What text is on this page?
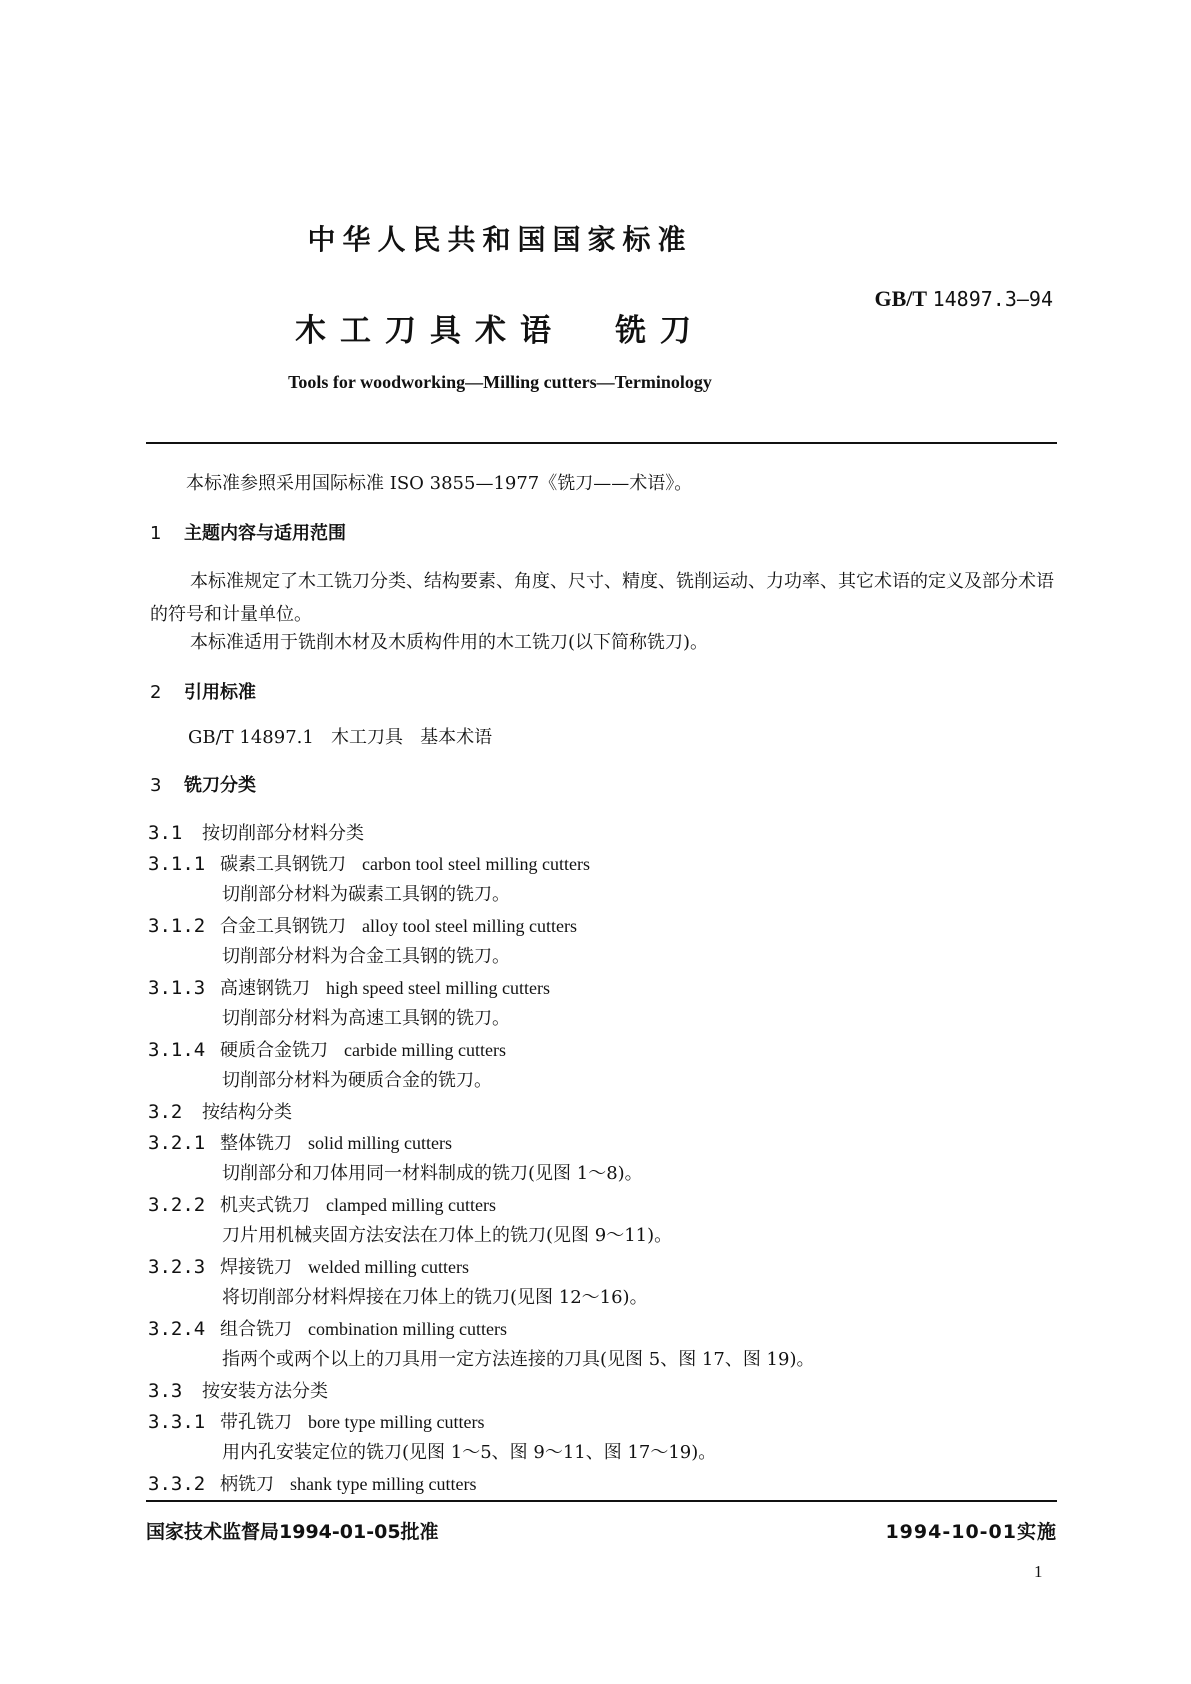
中华人民共和国国家标准
GB/T 14897.3—94
木工刀具术语 铣刀
Tools for woodworking—Milling cutters—Terminology
本标准参照采用国际标准 ISO 3855—1977《铣刀——术语》。
1 主题内容与适用范围
本标准规定了木工铣刀分类、结构要素、角度、尺寸、精度、铣削运动、力功率、其它术语的定义及部分术语的符号和计量单位。
本标准适用于铣削木材及木质构件用的木工铣刀(以下简称铣刀)。
2 引用标准
GB/T 14897.1   木工刀具   基本术语
3 铣刀分类
3.1 按切削部分材料分类
3.1.1 碳素工具钢铣刀 carbon tool steel milling cutters
切削部分材料为碳素工具钢的铣刀。
3.1.2 合金工具钢铣刀 alloy tool steel milling cutters
切削部分材料为合金工具钢的铣刀。
3.1.3 高速钢铣刀 high speed steel milling cutters
切削部分材料为高速工具钢的铣刀。
3.1.4 硬质合金铣刀 carbide milling cutters
切削部分材料为硬质合金的铣刀。
3.2 按结构分类
3.2.1 整体铣刀 solid milling cutters
切削部分和刀体用同一材料制成的铣刀(见图 1～8)。
3.2.2 机夹式铣刀 clamped milling cutters
刀片用机械夹固方法安法在刀体上的铣刀(见图 9～11)。
3.2.3 焊接铣刀 welded milling cutters
将切削部分材料焊接在刀体上的铣刀(见图 12～16)。
3.2.4 组合铣刀 combination milling cutters
指两个或两个以上的刀具用一定方法连接的刀具(见图 5、图 17、图 19)。
3.3 按安装方法分类
3.3.1 带孔铣刀 bore type milling cutters
用内孔安装定位的铣刀(见图 1～5、图 9～11、图 17～19)。
3.3.2 柄铣刀 shank type milling cutters
国家技术监督局1994-01-05批准	1994-10-01实施
1
